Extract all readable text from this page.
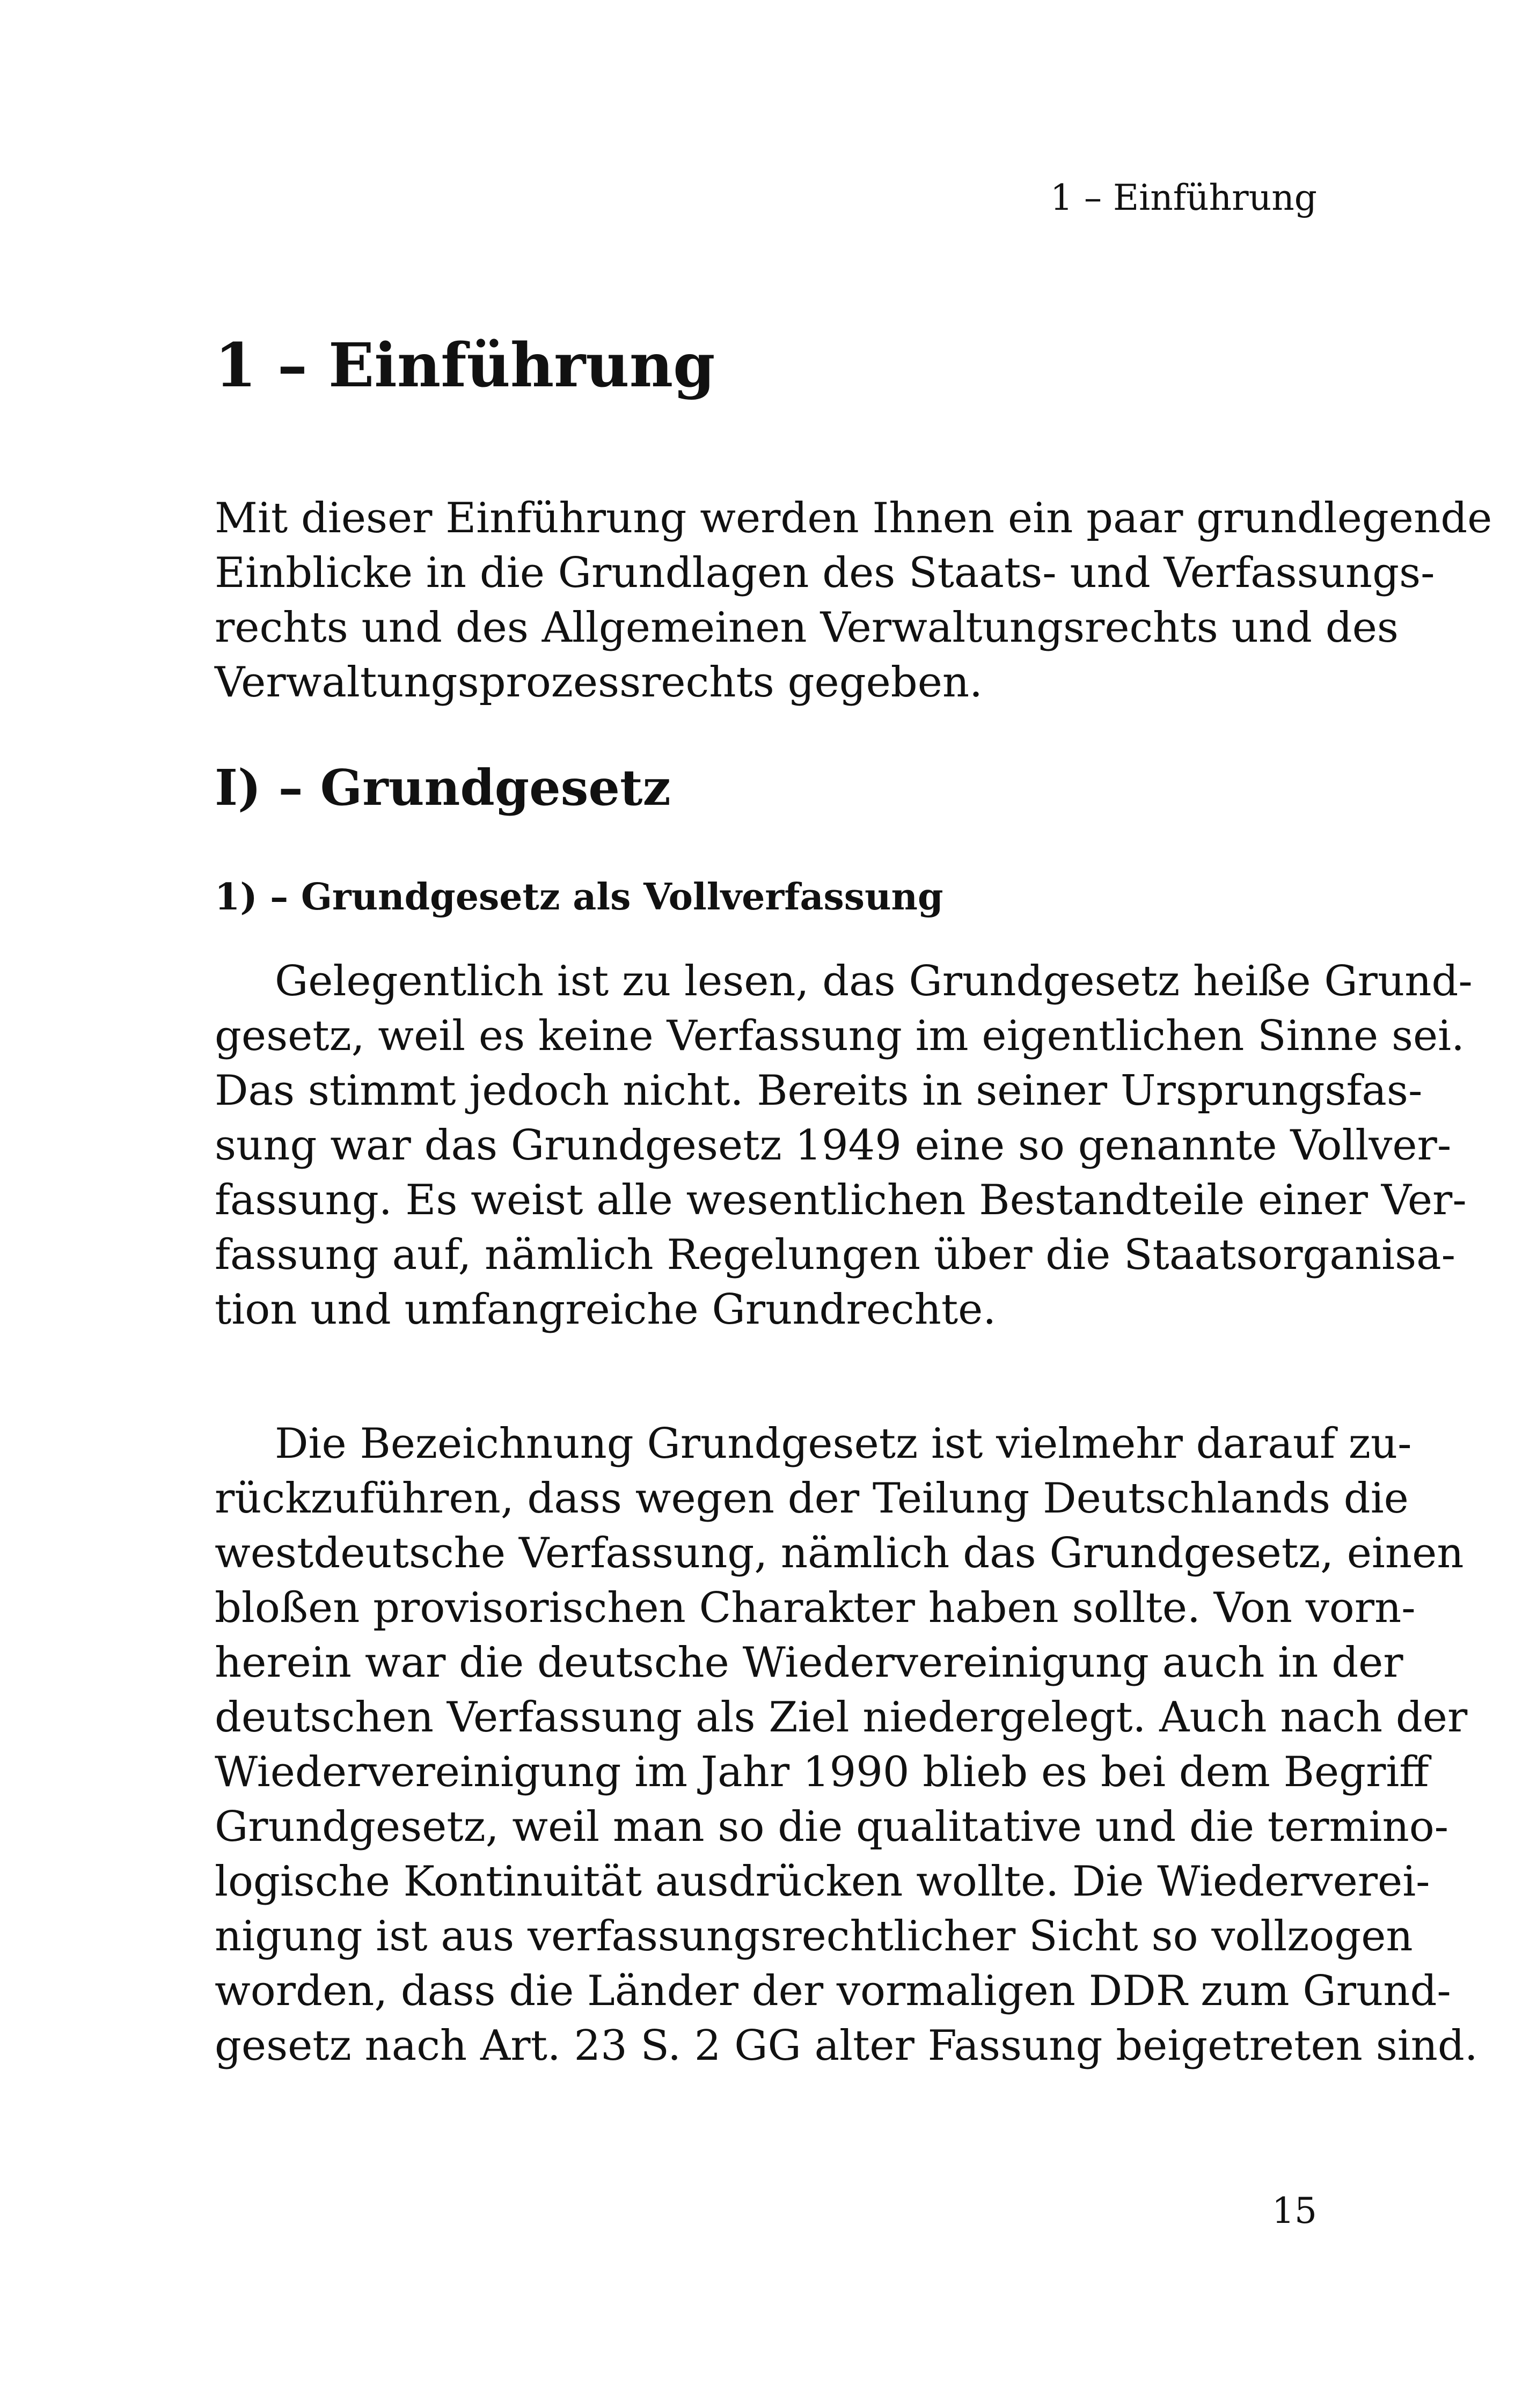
1 – Einführung
1 – Einführung
Mit dieser Einführung werden Ihnen ein paar grundlegende
Einblicke in die Grundlagen des Staats- und Verfassungs-
rechts und des Allgemeinen Verwaltungsrechts und des
Verwaltungsprozessrechts gegeben.
I) – Grundgesetz
1) – Grundgesetz als Vollverfassung
Gelegentlich ist zu lesen, das Grundgesetz heiße Grund-
gesetz, weil es keine Verfassung im eigentlichen Sinne sei.
Das stimmt jedoch nicht. Bereits in seiner Ursprungsfas-
sung war das Grundgesetz 1949 eine so genannte Vollver-
fassung. Es weist alle wesentlichen Bestandteile einer Ver-
fassung auf, nämlich Regelungen über die Staatsorganisa-
tion und umfangreiche Grundrechte.
Die Bezeichnung Grundgesetz ist vielmehr darauf zu-
rückzuführen, dass wegen der Teilung Deutschlands die
westdeutsche Verfassung, nämlich das Grundgesetz, einen
bloßen provisorischen Charakter haben sollte. Von vorn-
herein war die deutsche Wiedervereinigung auch in der
deutschen Verfassung als Ziel niedergelegt. Auch nach der
Wiedervereinigung im Jahr 1990 blieb es bei dem Begriff
Grundgesetz, weil man so die qualitative und die termino-
logische Kontinuität ausdrücken wollte. Die Wiederverei-
nigung ist aus verfassungsrechtlicher Sicht so vollzogen
worden, dass die Länder der vormaligen DDR zum Grund-
gesetz nach Art. 23 S. 2 GG alter Fassung beigetreten sind.
15
